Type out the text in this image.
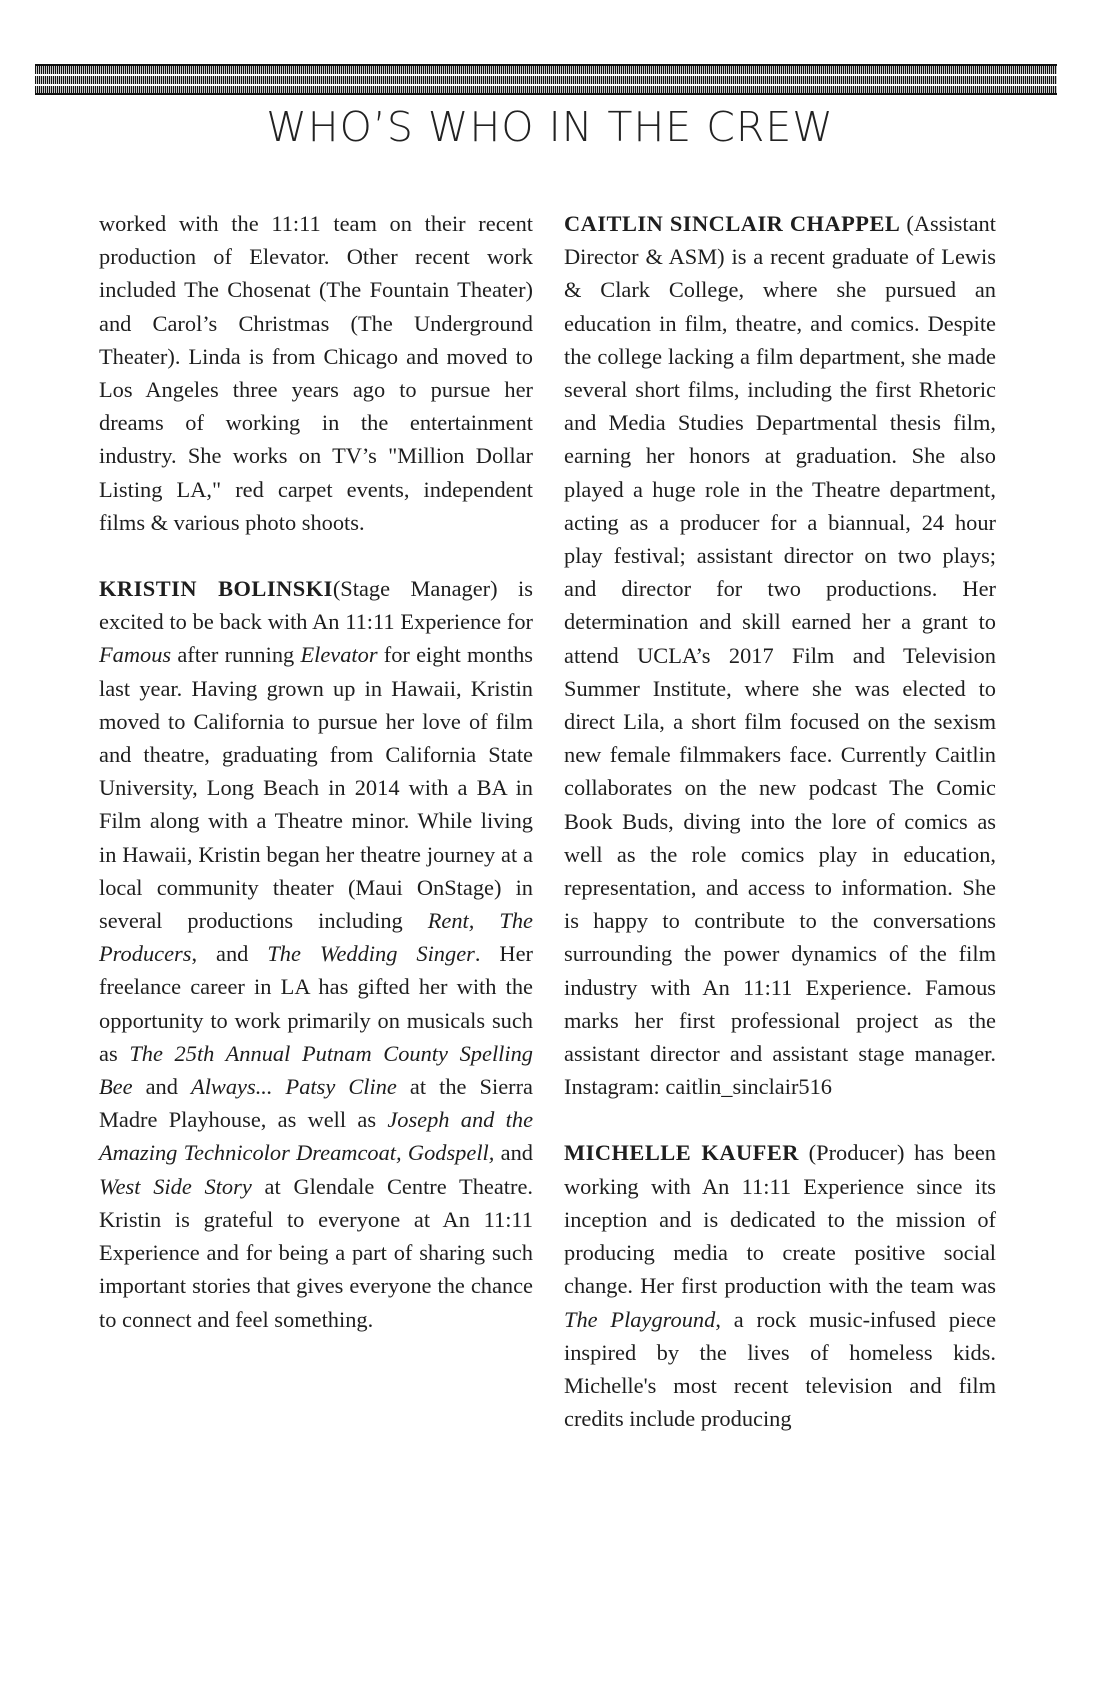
WHO’S WHO IN THE CREW

worked with the 11:11 team on their recent production of Elevator. Other recent work included The Chosenat (The Fountain Theater) and Carol’s Christmas (The Underground Theater). Linda is from Chicago and moved to Los Angeles three years ago to pursue her dreams of working in the entertainment industry. She works on TV’s "Million Dollar Listing LA," red carpet events, independent films & various photo shoots.

KRISTIN BOLINSKI(Stage Manager) is excited to be back with An 11:11 Experience for Famous after running Elevator for eight months last year. Having grown up in Hawaii, Kristin moved to California to pursue her love of film and theatre, graduating from California State University, Long Beach in 2014 with a BA in Film along with a Theatre minor. While living in Hawaii, Kristin began her theatre journey at a local community theater (Maui OnStage) in several productions including Rent, The Producers, and The Wedding Singer. Her freelance career in LA has gifted her with the opportunity to work primarily on musicals such as The 25th Annual Putnam County Spelling Bee and Always... Patsy Cline at the Sierra Madre Playhouse, as well as Joseph and the Amazing Technicolor Dreamcoat, Godspell, and West Side Story at Glendale Centre Theatre. Kristin is grateful to everyone at An 11:11 Experience and for being a part of sharing such important stories that gives everyone the chance to connect and feel something.

CAITLIN SINCLAIR CHAPPEL (Assistant Director & ASM) is a recent graduate of Lewis & Clark College, where she pursued an education in film, theatre, and comics. Despite the college lacking a film department, she made several short films, including the first Rhetoric and Media Studies Departmental thesis film, earning her honors at graduation. She also played a huge role in the Theatre department, acting as a producer for a biannual, 24 hour play festival; assistant director on two plays; and director for two productions. Her determination and skill earned her a grant to attend UCLA’s 2017 Film and Television Summer Institute, where she was elected to direct Lila, a short film focused on the sexism new female filmmakers face. Currently Caitlin collaborates on the new podcast The Comic Book Buds, diving into the lore of comics as well as the role comics play in education, representation, and access to information. She is happy to contribute to the conversations surrounding the power dynamics of the film industry with An 11:11 Experience. Famous marks her first professional project as the assistant director and assistant stage manager. Instagram: caitlin_sinclair516

MICHELLE KAUFER (Producer) has been working with An 11:11 Experience since its inception and is dedicated to the mission of producing media to create positive social change. Her first production with the team was The Playground, a rock music-infused piece inspired by the lives of homeless kids. Michelle's most recent television and film credits include producing
